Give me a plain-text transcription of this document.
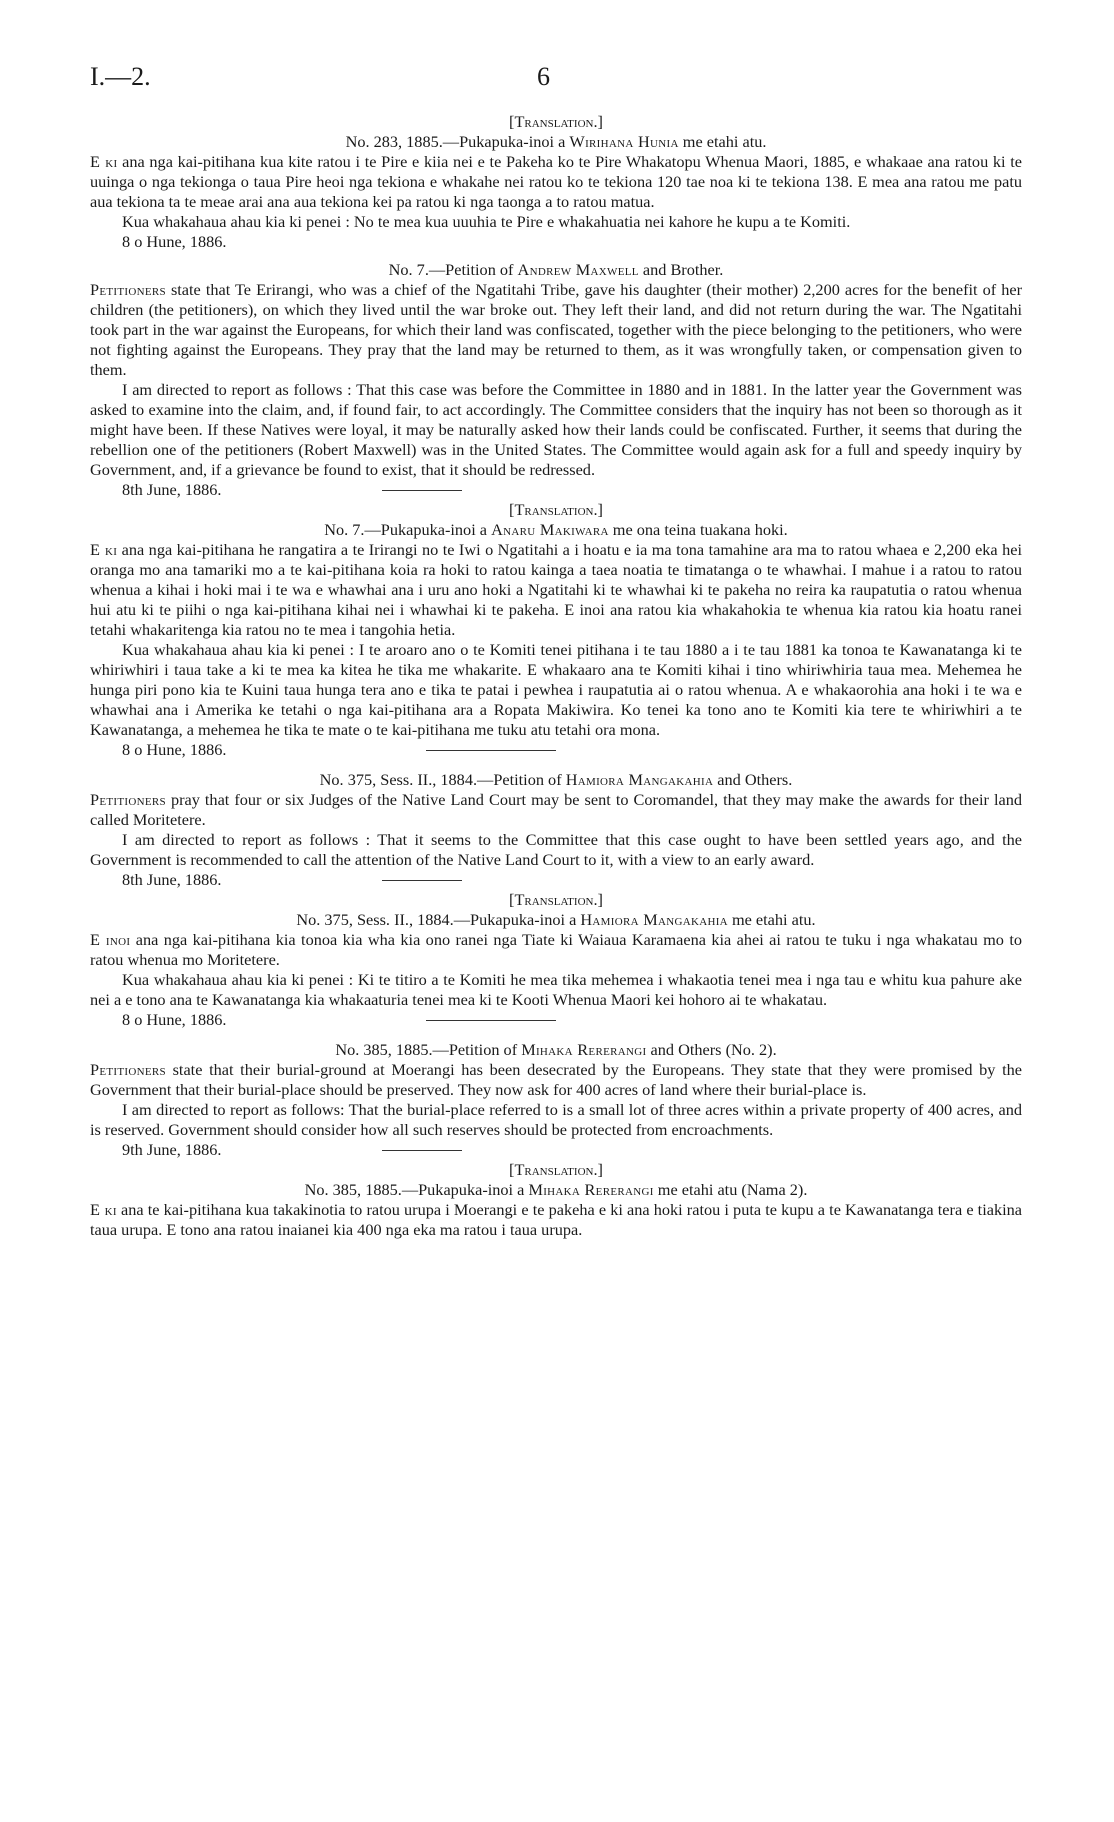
I.—2.	6

[Translation.]

No. 283, 1885.—Pukapuka-inoi a Wirihana Hunia me etahi atu.

E ki ana nga kai-pitihana kua kite ratou i te Pire e kiia nei e te Pakeha ko te Pire Whakatopu Whenua Maori, 1885, e whakaae ana ratou ki te uuinga o nga tekionga o taua Pire heoi nga tekiona e whakahe nei ratou ko te tekiona 120 tae noa ki te tekiona 138. E mea ana ratou me patu aua tekiona ta te meae arai ana aua tekiona kei pa ratou ki nga taonga a to ratou matua.

Kua whakahaua ahau kia ki penei : No te mea kua uuuhia te Pire e whakahuatia nei kahore he kupu a te Komiti.

8 o Hune, 1886.

No. 7.—Petition of Andrew Maxwell and Brother.

Petitioners state that Te Erirangi, who was a chief of the Ngatitahi Tribe, gave his daughter (their mother) 2,200 acres for the benefit of her children (the petitioners), on which they lived until the war broke out. They left their land, and did not return during the war. The Ngatitahi took part in the war against the Europeans, for which their land was confiscated, together with the piece belonging to the petitioners, who were not fighting against the Europeans. They pray that the land may be returned to them, as it was wrongfully taken, or compensation given to them.

I am directed to report as follows : That this case was before the Committee in 1880 and in 1881. In the latter year the Government was asked to examine into the claim, and, if found fair, to act accordingly. The Committee considers that the inquiry has not been so thorough as it might have been. If these Natives were loyal, it may be naturally asked how their lands could be confiscated. Further, it seems that during the rebellion one of the petitioners (Robert Maxwell) was in the United States. The Committee would again ask for a full and speedy inquiry by Government, and, if a grievance be found to exist, that it should be redressed.

8th June, 1886.

[Translation.]

No. 7.—Pukapuka-inoi a Anaru Makiwara me ona teina tuakana hoki.

E ki ana nga kai-pitihana he rangatira a te Irirangi no te Iwi o Ngatitahi a i hoatu e ia ma tona tamahine ara ma to ratou whaea e 2,200 eka hei oranga mo ana tamariki mo a te kai-pitihana koia ra hoki to ratou kainga a taea noatia te timatanga o te whawhai. I mahue i a ratou to ratou whenua a kihai i hoki mai i te wa e whawhai ana i uru ano hoki a Ngatitahi ki te whawhai ki te pakeha no reira ka raupatutia o ratou whenua hui atu ki te piihi o nga kai-pitihana kihai nei i whawhai ki te pakeha. E inoi ana ratou kia whakahokia te whenua kia ratou kia hoatu ranei tetahi whakaritenga kia ratou no te mea i tangohia hetia.

Kua whakahaua ahau kia ki penei : I te aroaro ano o te Komiti tenei pitihana i te tau 1880 a i te tau 1881 ka tonoa te Kawanatanga ki te whiriwhiri i taua take a ki te mea ka kitea he tika me whakarite. E whakaaro ana te Komiti kihai i tino whiriwhiria taua mea. Mehemea he hunga piri pono kia te Kuini taua hunga tera ano e tika te patai i pewhea i raupatutia ai o ratou whenua. A e whakaorohia ana hoki i te wa e whawhai ana i Amerika ke tetahi o nga kai-pitihana ara a Ropata Makiwira. Ko tenei ka tono ano te Komiti kia tere te whiriwhiri a te Kawanatanga, a mehemea he tika te mate o te kai-pitihana me tuku atu tetahi ora mona.

8 o Hune, 1886.

No. 375, Sess. II., 1884.—Petition of Hamiora Mangakahia and Others.

Petitioners pray that four or six Judges of the Native Land Court may be sent to Coromandel, that they may make the awards for their land called Moritetere.

I am directed to report as follows : That it seems to the Committee that this case ought to have been settled years ago, and the Government is recommended to call the attention of the Native Land Court to it, with a view to an early award.

8th June, 1886.

[Translation.]

No. 375, Sess. II., 1884.—Pukapuka-inoi a Hamiora Mangakahia me etahi atu.

E inoi ana nga kai-pitihana kia tonoa kia wha kia ono ranei nga Tiate ki Waiaua Karamaena kia ahei ai ratou te tuku i nga whakatau mo to ratou whenua mo Moritetere.

Kua whakahaua ahau kia ki penei : Ki te titiro a te Komiti he mea tika mehemea i whakaotia tenei mea i nga tau e whitu kua pahure ake nei a e tono ana te Kawanatanga kia whakaaturia tenei mea ki te Kooti Whenua Maori kei hohoro ai te whakatau.

8 o Hune, 1886.

No. 385, 1885.—Petition of Mihaka Rererangi and Others (No. 2).

Petitioners state that their burial-ground at Moerangi has been desecrated by the Europeans. They state that they were promised by the Government that their burial-place should be preserved. They now ask for 400 acres of land where their burial-place is.

I am directed to report as follows: That the burial-place referred to is a small lot of three acres within a private property of 400 acres, and is reserved. Government should consider how all such reserves should be protected from encroachments.

9th June, 1886.

[Translation.]

No. 385, 1885.—Pukapuka-inoi a Mihaka Rererangi me etahi atu (Nama 2).

E ki ana te kai-pitihana kua takakinotia to ratou urupa i Moerangi e te pakeha e ki ana hoki ratou i puta te kupu a te Kawanatanga tera e tiakina taua urupa. E tono ana ratou inaianei kia 400 nga eka ma ratou i taua urupa.
